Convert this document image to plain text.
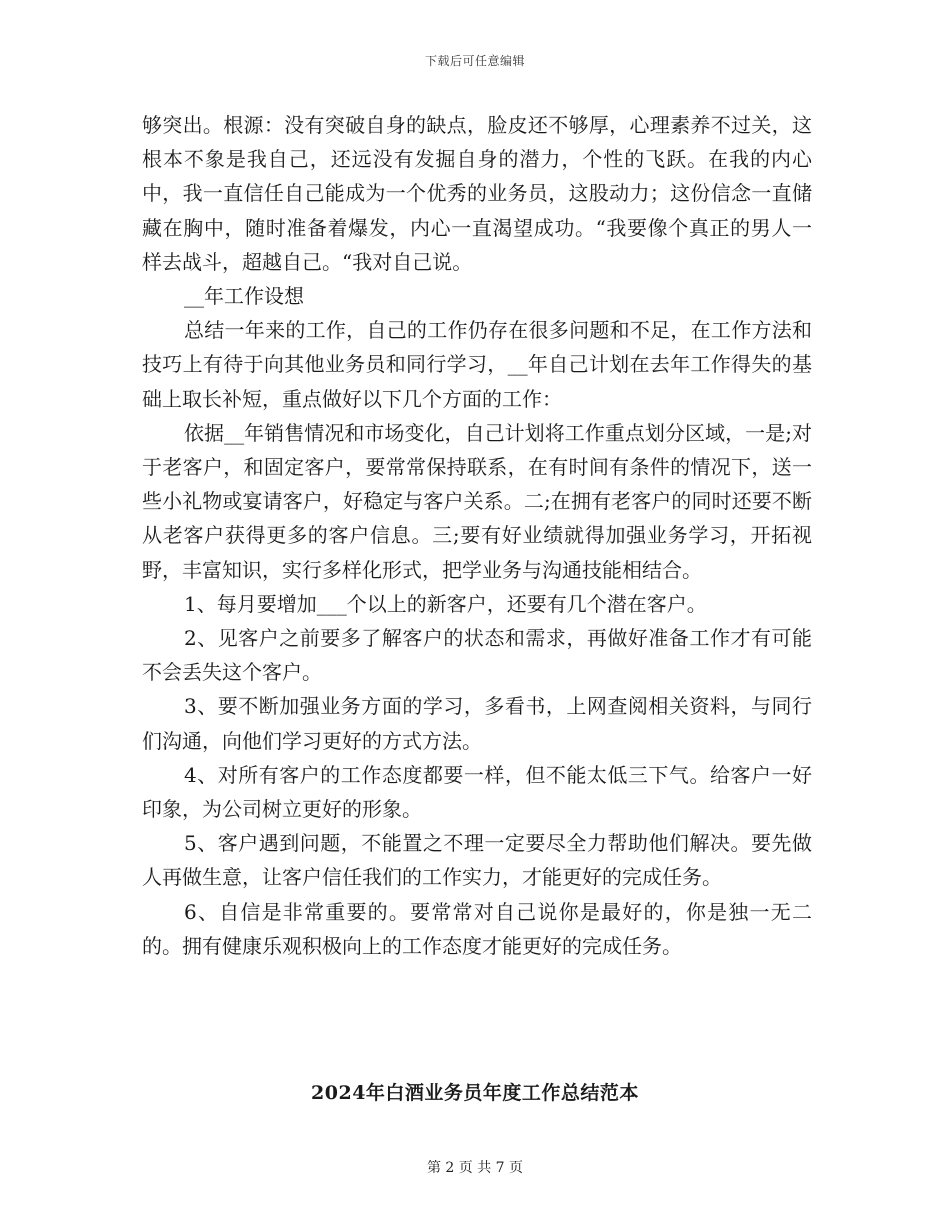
下载后可任意编辑

够突出。根源：没有突破自身的缺点，脸皮还不够厚，心理素养不过关，这根本不象是我自己，还远没有发掘自身的潜力，个性的飞跃。在我的内心中，我一直信任自己能成为一个优秀的业务员，这股动力；这份信念一直储藏在胸中，随时准备着爆发，内心一直渴望成功。“我要像个真正的男人一样去战斗，超越自己。“我对自己说。

__年工作设想

总结一年来的工作，自己的工作仍存在很多问题和不足，在工作方法和技巧上有待于向其他业务员和同行学习，__年自己计划在去年工作得失的基础上取长补短，重点做好以下几个方面的工作：

依据__年销售情况和市场变化，自己计划将工作重点划分区域，一是;对于老客户，和固定客户，要常常保持联系，在有时间有条件的情况下，送一些小礼物或宴请客户，好稳定与客户关系。二;在拥有老客户的同时还要不断从老客户获得更多的客户信息。三;要有好业绩就得加强业务学习，开拓视野，丰富知识，实行多样化形式，把学业务与沟通技能相结合。

1、每月要增加___个以上的新客户，还要有几个潜在客户。

2、见客户之前要多了解客户的状态和需求，再做好准备工作才有可能不会丢失这个客户。

3、要不断加强业务方面的学习，多看书，上网查阅相关资料，与同行们沟通，向他们学习更好的方式方法。

4、对所有客户的工作态度都要一样，但不能太低三下气。给客户一好印象，为公司树立更好的形象。

5、客户遇到问题，不能置之不理一定要尽全力帮助他们解决。要先做人再做生意，让客户信任我们的工作实力，才能更好的完成任务。

6、自信是非常重要的。要常常对自己说你是最好的，你是独一无二的。拥有健康乐观积极向上的工作态度才能更好的完成任务。

2024年白酒业务员年度工作总结范本
第 2 页 共 7 页
